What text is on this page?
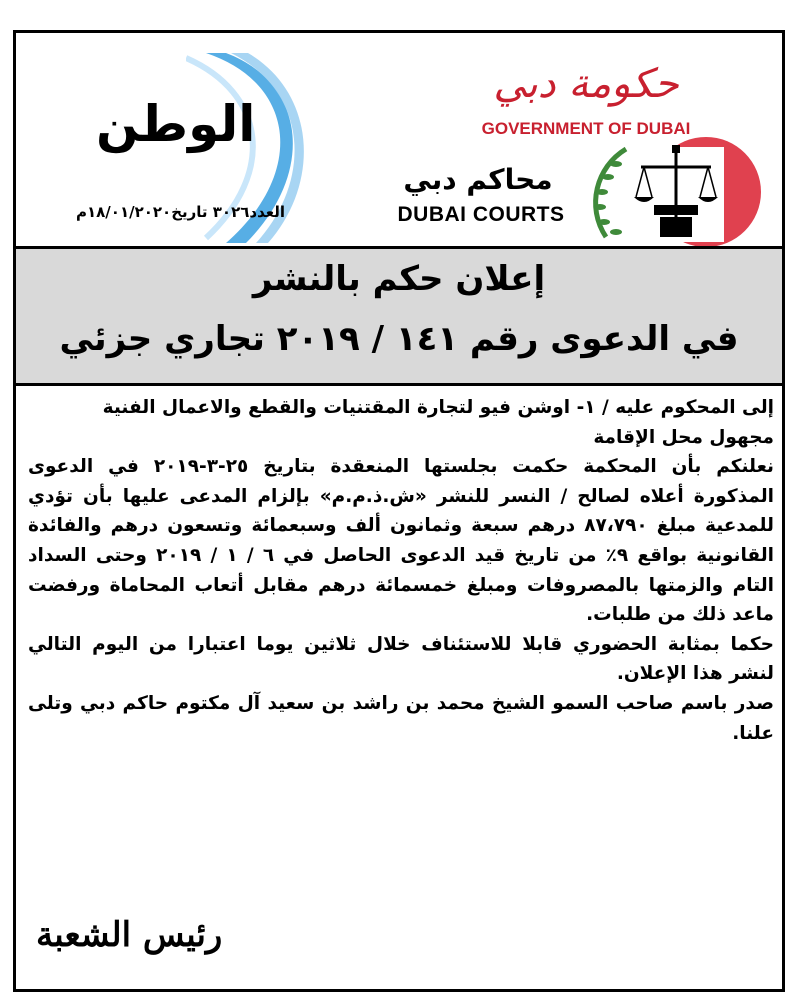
الوطن
العدد٣٠٢٦ تاريخ١٨/٠١/٢٠٢٠م
حكومة دبي
GOVERNMENT OF DUBAI
محاكم دبي
DUBAI COURTS
إعلان حكم بالنشر
في الدعوى رقم ١٤١ / ٢٠١٩ تجاري جزئي

إلى المحكوم عليه / ١- اوشن فيو لتجارة المقتنيات والقطع والاعمال الفنية

مجهول محل الإقامة

نعلنكم بأن المحكمة حكمت بجلستها المنعقدة بتاريخ ٢٥-٣-٢٠١٩ في الدعوى المذكورة أعلاه لصالح / النسر للنشر «ش.ذ.م.م» بإلزام المدعى عليها بأن تؤدي للمدعية مبلغ ٨٧،٧٩٠ درهم سبعة وثمانون ألف وسبعمائة وتسعون درهم والفائدة القانونية بواقع ٩٪ من تاريخ قيد الدعوى الحاصل في ٦ / ١ / ٢٠١٩ وحتى السداد التام والزمتها بالمصروفات ومبلغ خمسمائة درهم مقابل أتعاب المحاماة ورفضت ماعد ذلك من طلبات.

حكما بمثابة الحضوري قابلا للاستئناف خلال ثلاثين يوما اعتبارا من اليوم التالي لنشر هذا الإعلان.

صدر باسم صاحب السمو الشيخ محمد بن راشد بن سعيد آل مكتوم حاكم دبي وتلى علنا.

رئيس الشعبة
